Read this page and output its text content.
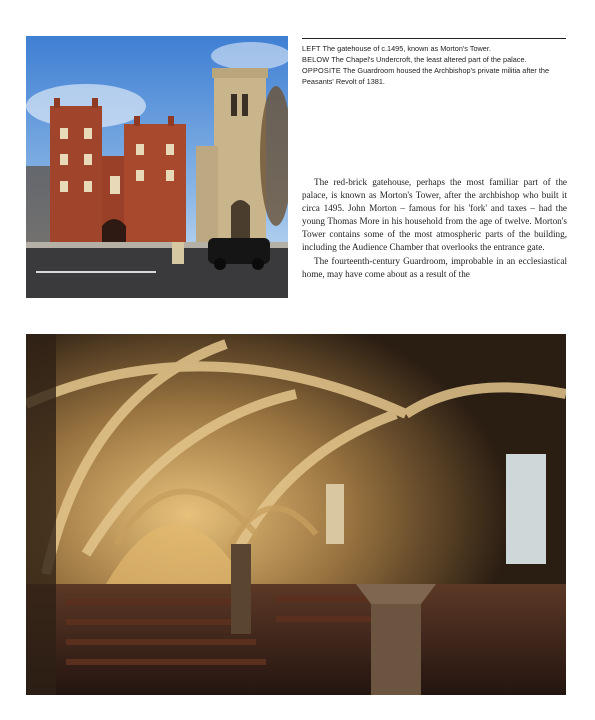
LEFT The gatehouse of c.1495, known as Morton's Tower.

BELOW The Chapel's Undercroft, the least altered part of the palace.

OPPOSITE The Guardroom housed the Archbishop's private militia after the Peasants' Revolt of 1381.

The red-brick gatehouse, perhaps the most familiar part of the palace, is known as Morton's Tower, after the archbishop who built it circa 1495. John Morton – famous for his 'fork' and taxes – had the young Thomas More in his household from the age of twelve. Morton's Tower contains some of the most atmospheric parts of the building, including the Audience Chamber that overlooks the entrance gate.

The fourteenth-century Guardroom, improbable in an ecclesiastical home, may have come about as a result of the
